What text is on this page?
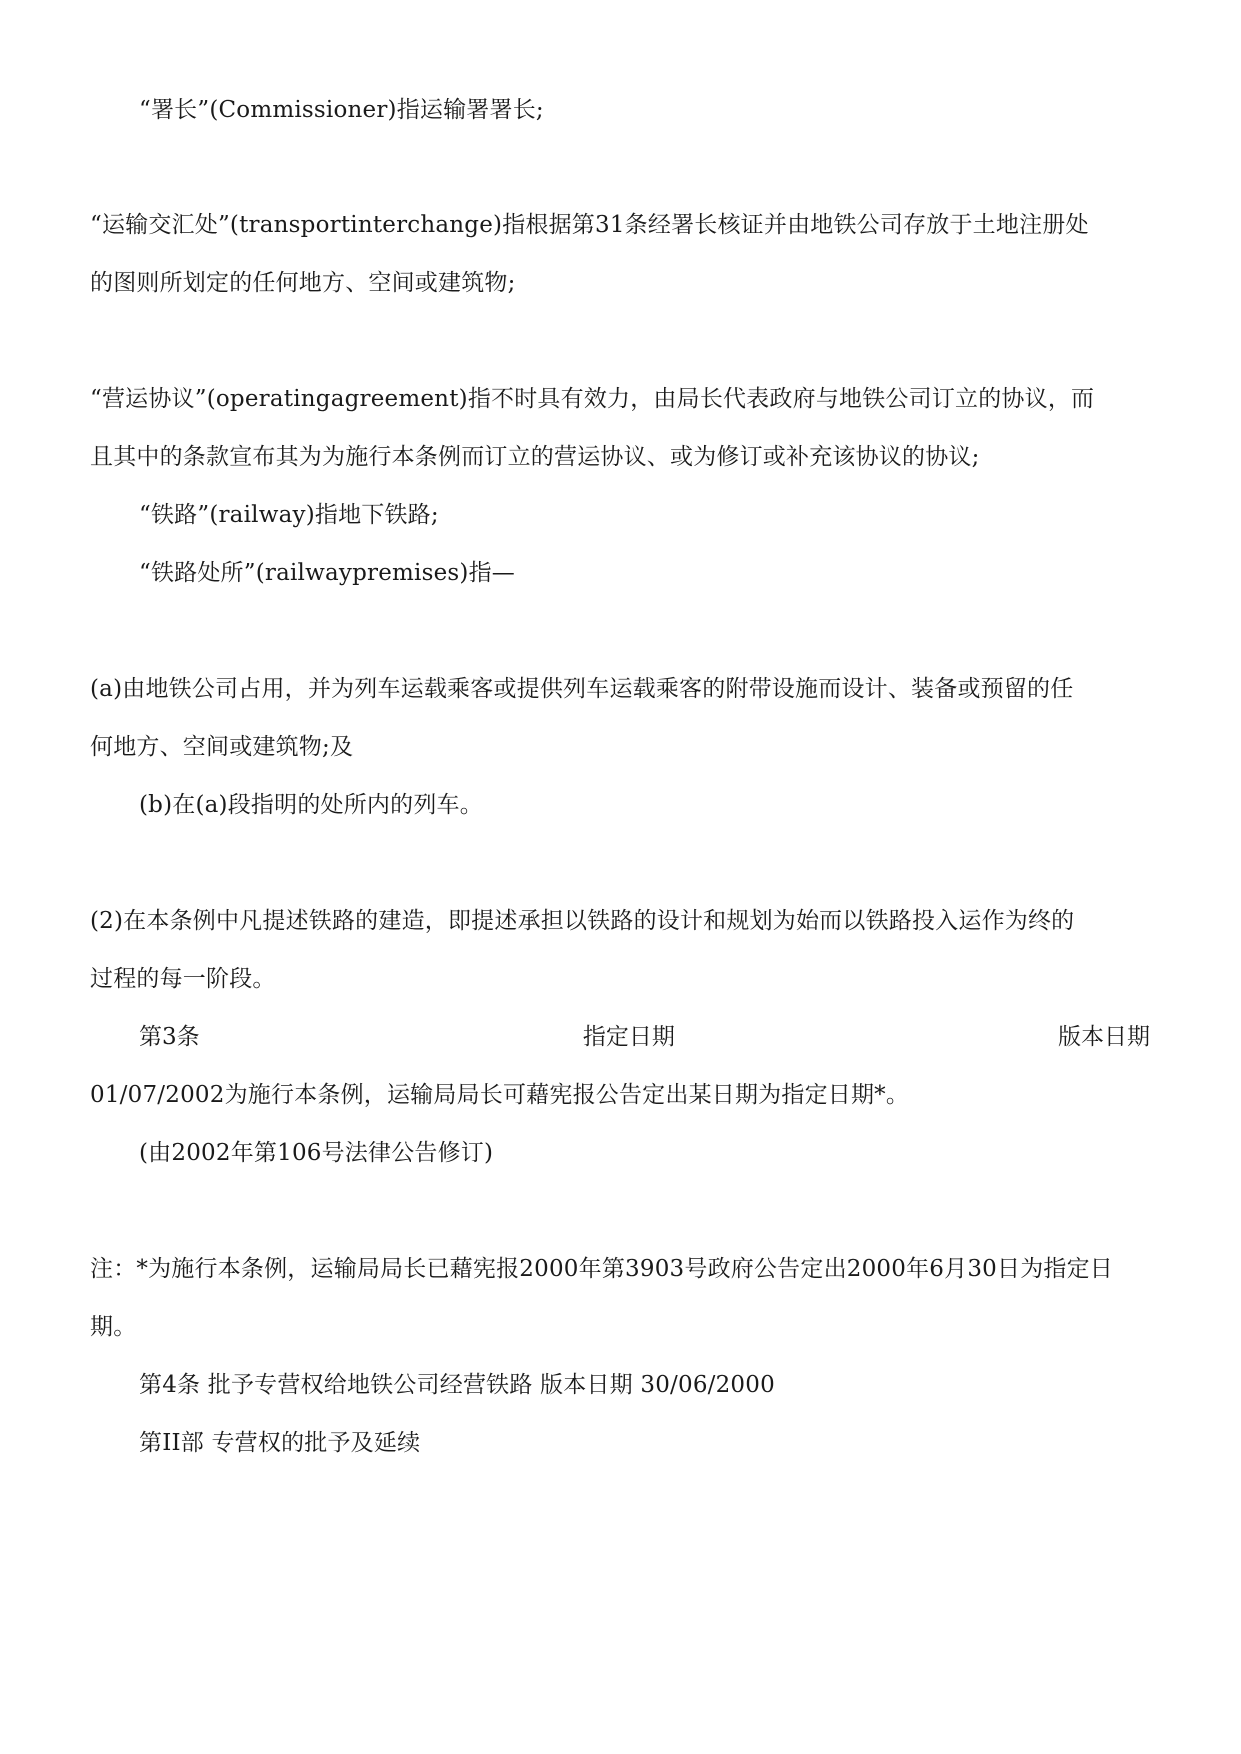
“署长”(Commissioner)指运输署署长;
“运输交汇处”(transportinterchange)指根据第31条经署长核证并由地铁公司存放于土地注册处
的图则所划定的任何地方、空间或建筑物;
“营运协议”(operatingagreement)指不时具有效力，由局长代表政府与地铁公司订立的协议，而
且其中的条款宣布其为为施行本条例而订立的营运协议、或为修订或补充该协议的协议;
“铁路”(railway)指地下铁路;
“铁路处所”(railwaypremises)指—
(a)由地铁公司占用，并为列车运载乘客或提供列车运载乘客的附带设施而设计、装备或预留的任
何地方、空间或建筑物;及
(b)在(a)段指明的处所内的列车。
(2)在本条例中凡提述铁路的建造，即提述承担以铁路的设计和规划为始而以铁路投入运作为终的
过程的每一阶段。
第3条	指定日期	版本日期
01/07/2002为施行本条例，运输局局长可藉宪报公告定出某日期为指定日期*。
(由2002年第106号法律公告修订)
注：*为施行本条例，运输局局长已藉宪报2000年第3903号政府公告定出2000年6月30日为指定日
期。
第4条 批予专营权给地铁公司经营铁路 版本日期 30/06/2000
第II部 专营权的批予及延续
